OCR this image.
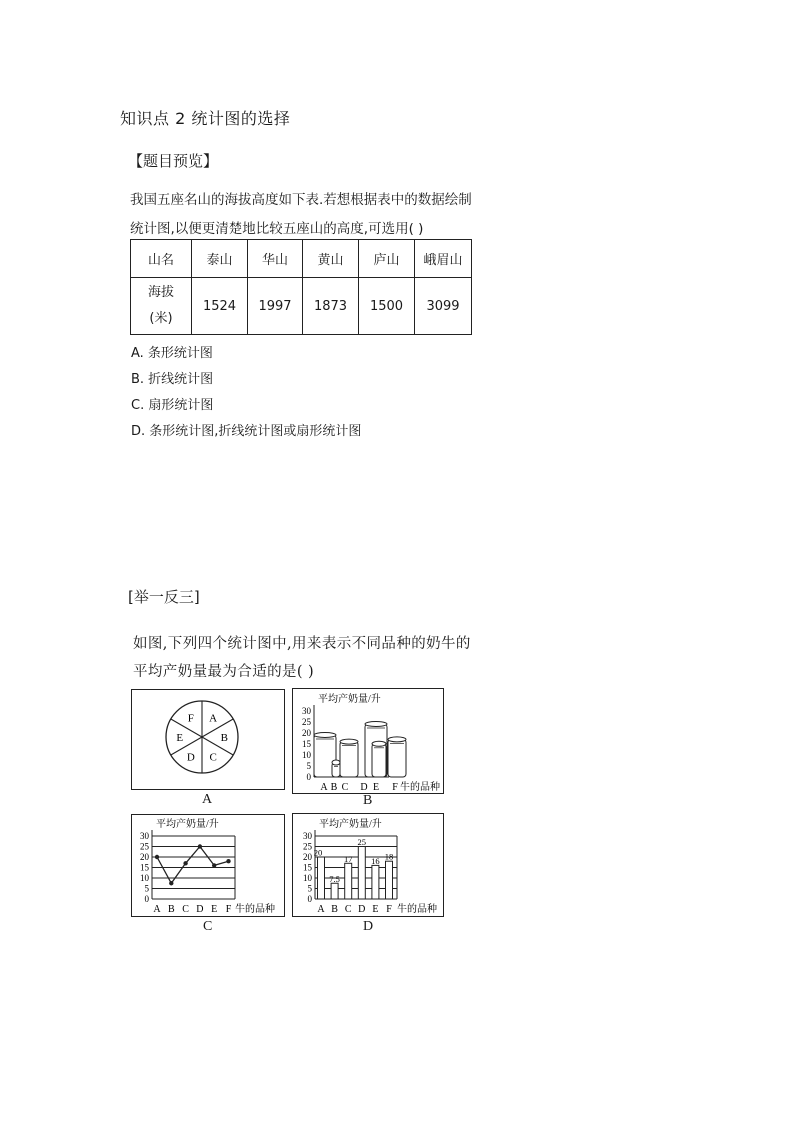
知识点 2 统计图的选择
【题目预览】
我国五座名山的海拔高度如下表.若想根据表中的数据绘制统计图,以便更清楚地比较五座山的高度,可选用( )
山名	泰山	华山	黄山	庐山	峨眉山

海拔
(米)	1524	1997	1873	1500	3099
A. 条形统计图
B. 折线统计图
C. 扇形统计图
D. 条形统计图,折线统计图或扇形统计图
[举一反三]
如图,下列四个统计图中,用来表示不同品种的奶牛的平均产奶量最为合适的是( )
A
B
C
D
E
F
A
0
5
10
15
20
25
30
平均产奶量/升
A B C D E F 牛的品种
B
0
5
10
15
20
25
30
平均产奶量/升
A B C D E F 牛的品种
C
0
5
10
15
20
25
30
平均产奶量/升
20
7.5
17
25
16 18
A B C D E F 牛的品种
D
